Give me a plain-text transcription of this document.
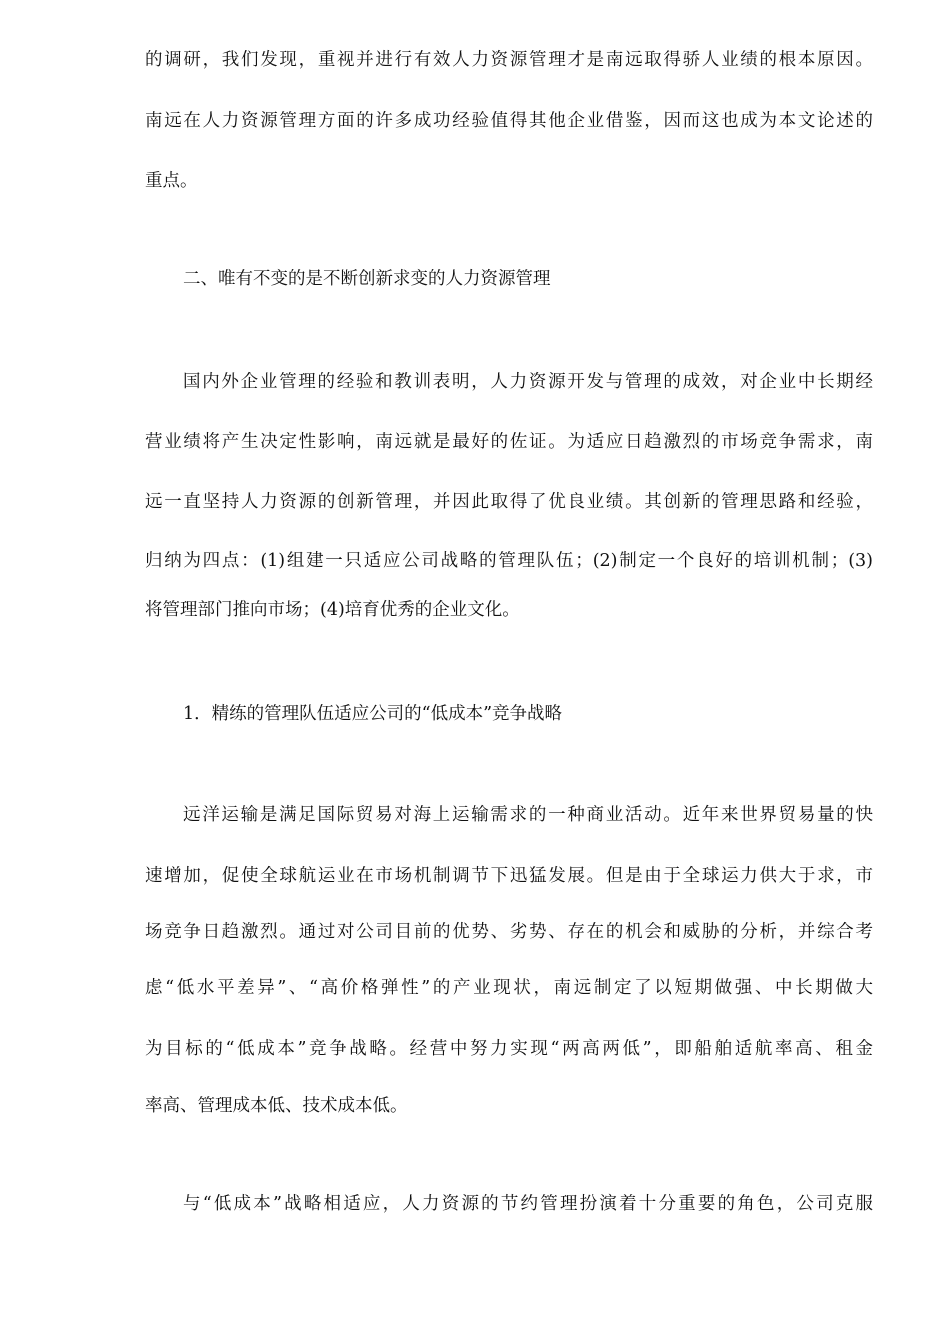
的调研，我们发现，重视并进行有效人力资源管理才是南远取得骄人业绩的根本原因。
南远在人力资源管理方面的许多成功经验值得其他企业借鉴，因而这也成为本文论述的
重点。
二、唯有不变的是不断创新求变的人力资源管理
国内外企业管理的经验和教训表明，人力资源开发与管理的成效，对企业中长期经
营业绩将产生决定性影响，南远就是最好的佐证。为适应日趋激烈的市场竞争需求，南
远一直坚持人力资源的创新管理，并因此取得了优良业绩。其创新的管理思路和经验，
归纳为四点：(1)组建一只适应公司战略的管理队伍；(2)制定一个良好的培训机制；(3)
将管理部门推向市场；(4)培育优秀的企业文化。
1．精练的管理队伍适应公司的“低成本”竞争战略
远洋运输是满足国际贸易对海上运输需求的一种商业活动。近年来世界贸易量的快
速增加，促使全球航运业在市场机制调节下迅猛发展。但是由于全球运力供大于求，市
场竞争日趋激烈。通过对公司目前的优势、劣势、存在的机会和威胁的分析，并综合考
虑“低水平差异”、“高价格弹性”的产业现状，南远制定了以短期做强、中长期做大
为目标的“低成本”竞争战略。经营中努力实现“两高两低”，即船舶适航率高、租金
率高、管理成本低、技术成本低。
与“低成本”战略相适应，人力资源的节约管理扮演着十分重要的角色，公司克服
